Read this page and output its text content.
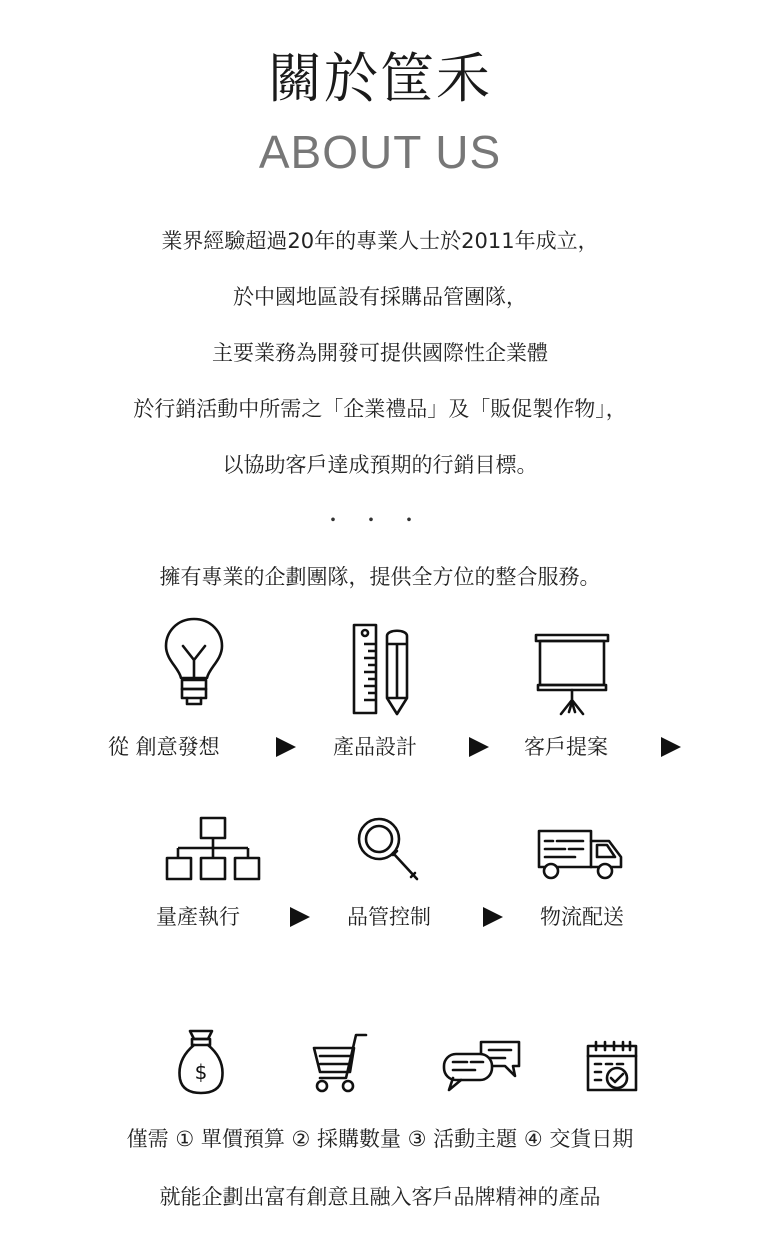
關於筐禾
ABOUT US
業界經驗超過20年的專業人士於2011年成立，
於中國地區設有採購品管團隊，
主要業務為開發可提供國際性企業體
於行銷活動中所需之「企業禮品」及「販促製作物」，
以協助客戶達成預期的行銷目標。
・・・
擁有專業的企劃團隊，提供全方位的整合服務。
從 創意發想	產品設計	客戶提案
量產執行	品管控制	物流配送
$
僅需 ① 單價預算 ② 採購數量 ③ 活動主題 ④ 交貨日期
就能企劃出富有創意且融入客戶品牌精神的產品
